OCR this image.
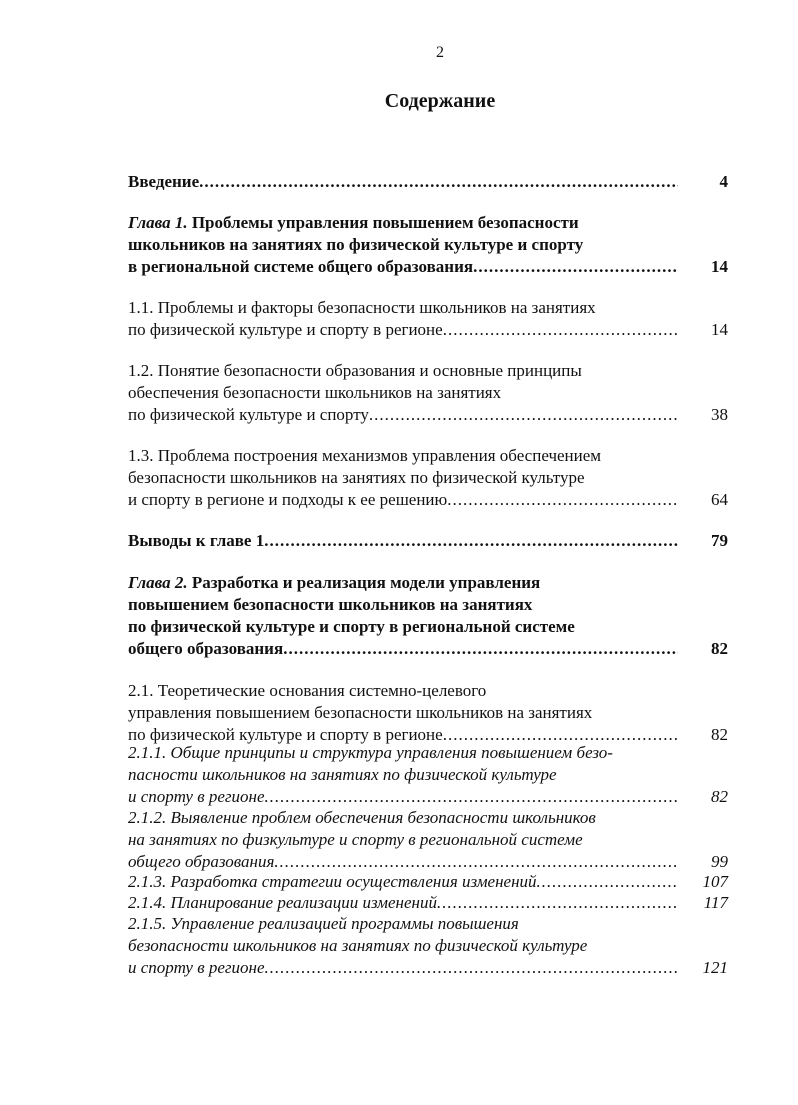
2
Содержание
Введение .....	4
Глава 1. Проблемы управления повышением безопасности
школьников на занятиях по физической культуре и спорту
в региональной системе общего образования .....	14
1.1. Проблемы и факторы безопасности школьников на занятиях
по физической культуре и спорту в регионе .....	14
1.2. Понятие безопасности образования и основные принципы
обеспечения безопасности школьников на занятиях
по физической культуре и спорту .....	38
1.3. Проблема построения механизмов управления обеспечением
безопасности школьников на занятиях по физической культуре
и спорту в регионе и подходы к ее решению .....	64
Выводы к главе 1 .....	79
Глава 2. Разработка и реализация модели управления
повышением безопасности школьников на занятиях
по физической культуре и спорту в региональной системе
общего образования .....	82
2.1. Теоретические основания системно-целевого
управления повышением безопасности школьников на занятиях
по физической культуре и спорту в регионе .....	82
2.1.1. Общие принципы и структура управления повышением безо-
пасности школьников на занятиях по физической культуре
и спорту в регионе .....	82
2.1.2. Выявление проблем обеспечения безопасности школьников
на занятиях по физкультуре и спорту в региональной системе
общего образования .....	99
2.1.3. Разработка стратегии осуществления изменений .....	107
2.1.4. Планирование реализации изменений .....	117
2.1.5. Управление реализацией программы повышения
безопасности школьников на занятиях по физической культуре
и спорту в регионе .....	121
